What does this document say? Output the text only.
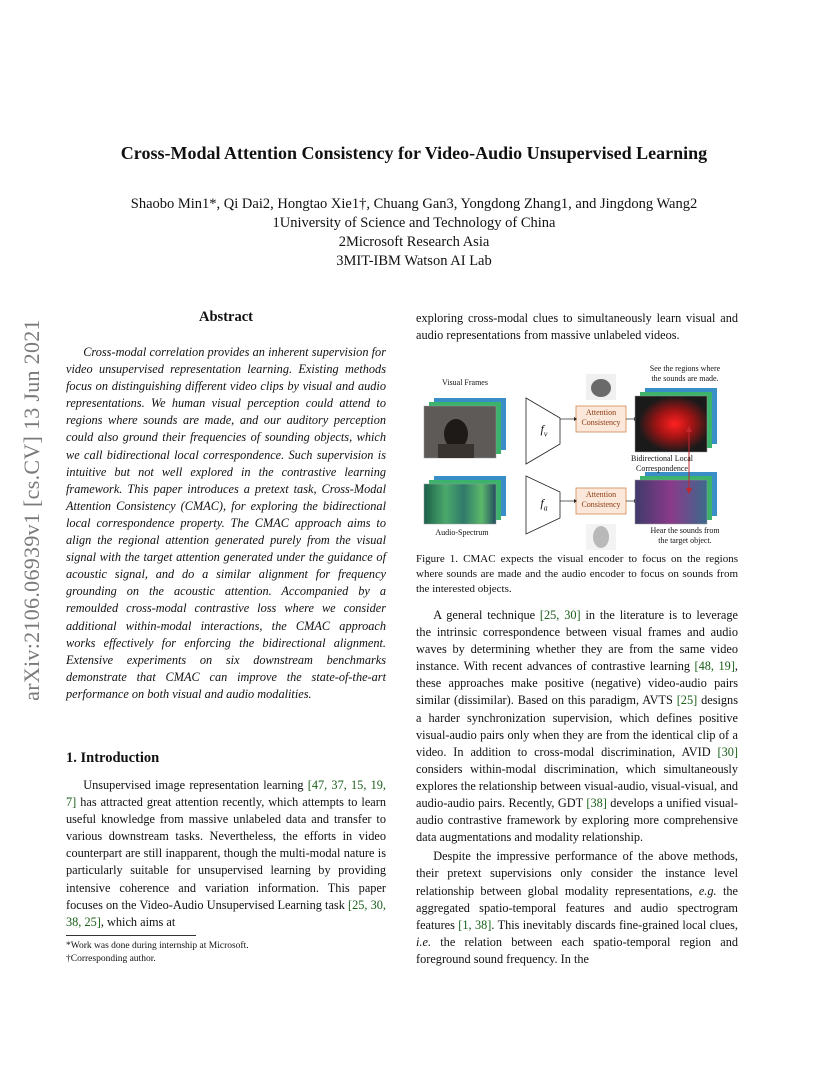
arXiv:2106.06939v1 [cs.CV] 13 Jun 2021
Cross-Modal Attention Consistency for Video-Audio Unsupervised Learning
Shaobo Min1*, Qi Dai2, Hongtao Xie1†, Chuang Gan3, Yongdong Zhang1, and Jingdong Wang2
1University of Science and Technology of China
2Microsoft Research Asia
3MIT-IBM Watson AI Lab
Abstract

Cross-modal correlation provides an inherent supervision for video unsupervised representation learning. Existing methods focus on distinguishing different video clips by visual and audio representations. We human visual perception could attend to regions where sounds are made, and our auditory perception could also ground their frequencies of sounding objects, which we call bidirectional local correspondence. Such supervision is intuitive but not well explored in the contrastive learning framework. This paper introduces a pretext task, Cross-Modal Attention Consistency (CMAC), for exploring the bidirectional local correspondence property. The CMAC approach aims to align the regional attention generated purely from the visual signal with the target attention generated under the guidance of acoustic signal, and do a similar alignment for frequency grounding on the acoustic attention. Accompanied by a remoulded cross-modal contrastive loss where we consider additional within-modal interactions, the CMAC approach works effectively for enforcing the bidirectional alignment. Extensive experiments on six downstream benchmarks demonstrate that CMAC can improve the state-of-the-art performance on both visual and audio modalities.

1. Introduction

Unsupervised image representation learning [47, 37, 15, 19, 7] has attracted great attention recently, which attempts to learn useful knowledge from massive unlabeled data and transfer to various downstream tasks. Nevertheless, the efforts in video counterpart are still inapparent, though the multi-modal nature is particularly suitable for unsupervised learning by providing intensive coherence and variation information. This paper focuses on the Video-Audio Unsupervised Learning task [25, 30, 38, 25], which aims at

*Work was done during internship at Microsoft.
†Corresponding author.
exploring cross-modal clues to simultaneously learn visual and audio representations from massive unlabeled videos.
Visual Frames
Audio-Spectrum
$f_v$
$f_a$
Attention
Consistency
Attention
Consistency
See the regions where
the sounds are made.
Bidirectional Local
Correspondence
Hear the sounds from
the target object.
Figure 1. CMAC expects the visual encoder to focus on the regions where sounds are made and the audio encoder to focus on sounds from the interested objects.

A general technique [25, 30] in the literature is to leverage the intrinsic correspondence between visual frames and audio waves by determining whether they are from the same video instance. With recent advances of contrastive learning [48, 19], these approaches make positive (negative) video-audio pairs similar (dissimilar). Based on this paradigm, AVTS [25] designs a harder synchronization supervision, which defines positive visual-audio pairs only when they are from the identical clip of a video. In addition to cross-modal discrimination, AVID [30] considers within-modal discrimination, which simultaneously explores the relationship between visual-audio, visual-visual, and audio-audio pairs. Recently, GDT [38] develops a unified visual-audio contrastive framework by exploring more comprehensive data augmentations and modality relationship.

Despite the impressive performance of the above methods, their pretext supervisions only consider the instance level relationship between global modality representations, e.g. the aggregated spatio-temporal features and audio spectrogram features [1, 38]. This inevitably discards fine-grained local clues, i.e. the relation between each spatio-temporal region and foreground sound frequency. In the
